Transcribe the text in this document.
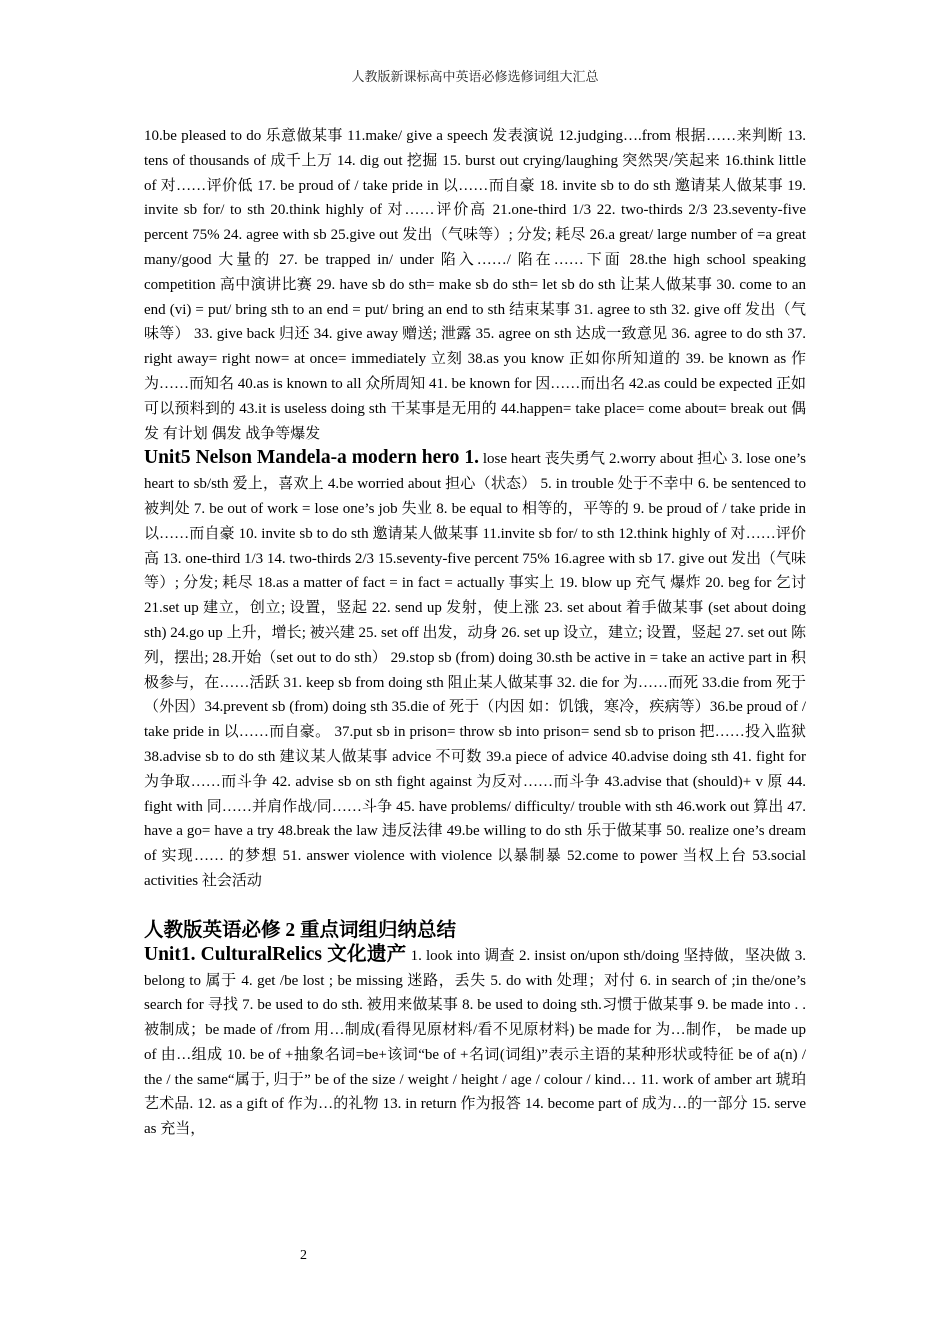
人教版新课标高中英语必修选修词组大汇总

10.be pleased to do 乐意做某事 11.make/ give a speech 发表演说 12.judging….from 根据……来判断 13. tens of thousands of 成千上万 14. dig out 挖掘 15. burst out crying/laughing 突然哭/笑起来 16.think little of 对……评价低 17. be proud of / take pride in 以……而自豪 18. invite sb to do sth 邀请某人做某事 19. invite sb for/ to sth 20.think highly of 对……评价高 21.one-third 1/3 22. two-thirds 2/3 23.seventy-five percent 75% 24. agree with sb 25.give out 发出（气味等）; 分发; 耗尽 26.a great/ large number of =a great many/good 大量的 27. be trapped in/ under 陷入……/ 陷在……下面 28.the high school speaking competition 高中演讲比赛 29. have sb do sth= make sb do sth= let sb do sth 让某人做某事 30. come to an end (vi) = put/ bring sth to an end = put/ bring an end to sth 结束某事 31. agree to sth 32. give off 发出（气味等） 33. give back 归还 34. give away 赠送; 泄露 35. agree on sth 达成一致意见 36. agree to do sth 37. right away= right now= at once= immediately 立刻 38.as you know 正如你所知道的 39. be known as 作为……而知名 40.as is known to all 众所周知 41. be known for 因……而出名 42.as could be expected 正如可以预料到的 43.it is useless doing sth 干某事是无用的 44.happen= take place= come about= break out 偶发 有计划 偶发 战争等爆发

Unit5 Nelson Mandela-a modern hero 1. lose heart 丧失勇气 2.worry about 担心 3. lose one’s heart to sb/sth 爱上，喜欢上 4.be worried about 担心（状态） 5. in trouble 处于不幸中 6. be sentenced to 被判处 7. be out of work = lose one’s job 失业 8. be equal to 相等的，平等的 9. be proud of / take pride in 以……而自豪 10. invite sb to do sth 邀请某人做某事 11.invite sb for/ to sth 12.think highly of 对……评价高 13. one-third 1/3 14. two-thirds 2/3 15.seventy-five percent 75% 16.agree with sb 17. give out 发出（气味等）; 分发; 耗尽 18.as a matter of fact = in fact = actually 事实上 19. blow up 充气 爆炸 20. beg for 乞讨 21.set up 建立，创立; 设置，竖起 22. send up 发射，使上涨 23. set about 着手做某事 (set about doing sth) 24.go up 上升，增长; 被兴建 25. set off 出发，动身 26. set up 设立，建立; 设置，竖起 27. set out 陈列，摆出; 28.开始（set out to do sth） 29.stop sb (from) doing 30.sth be active in = take an active part in 积极参与，在……活跃 31. keep sb from doing sth 阻止某人做某事 32. die for 为……而死 33.die from 死于（外因）34.prevent sb (from) doing sth 35.die of 死于（内因 如：饥饿，寒冷，疾病等）36.be proud of / take pride in 以……而自豪。 37.put sb in prison= throw sb into prison= send sb to prison 把……投入监狱 38.advise sb to do sth 建议某人做某事 advice 不可数 39.a piece of advice 40.advise doing sth 41. fight for 为争取……而斗争 42. advise sb on sth fight against 为反对……而斗争 43.advise that (should)+ v 原 44. fight with 同……并肩作战/同……斗争 45. have problems/ difficulty/ trouble with sth 46.work out 算出 47. have a go= have a try 48.break the law 违反法律 49.be willing to do sth 乐于做某事 50. realize one’s dream of 实现…… 的梦想 51. answer violence with violence 以暴制暴 52.come to power 当权上台 53.social activities 社会活动

人教版英语必修 2 重点词组归纳总结

Unit1. CulturalRelics 文化遗产 1. look into 调查 2. insist on/upon sth/doing 坚持做，坚决做 3. belong to 属于 4. get /be lost ; be missing 迷路，丢失 5. do with 处理；对付 6. in search of ;in the/one’s search for 寻找 7. be used to do sth. 被用来做某事 8. be used to doing sth.习惯于做某事 9. be made into . .被制成；be made of /from 用…制成(看得见原材料/看不见原材料) be made for 为…制作， be made up of 由…组成 10. be of +抽象名词=be+该词“be of +名词(词组)”表示主语的某种形状或特征 be of a(n) / the / the same“属于, 归于” be of the size / weight / height / age / colour / kind… 11. work of amber art 琥珀艺术品. 12. as a gift of 作为…的礼物 13. in return 作为报答 14. become part of 成为…的一部分 15. serve as 充当，

2
